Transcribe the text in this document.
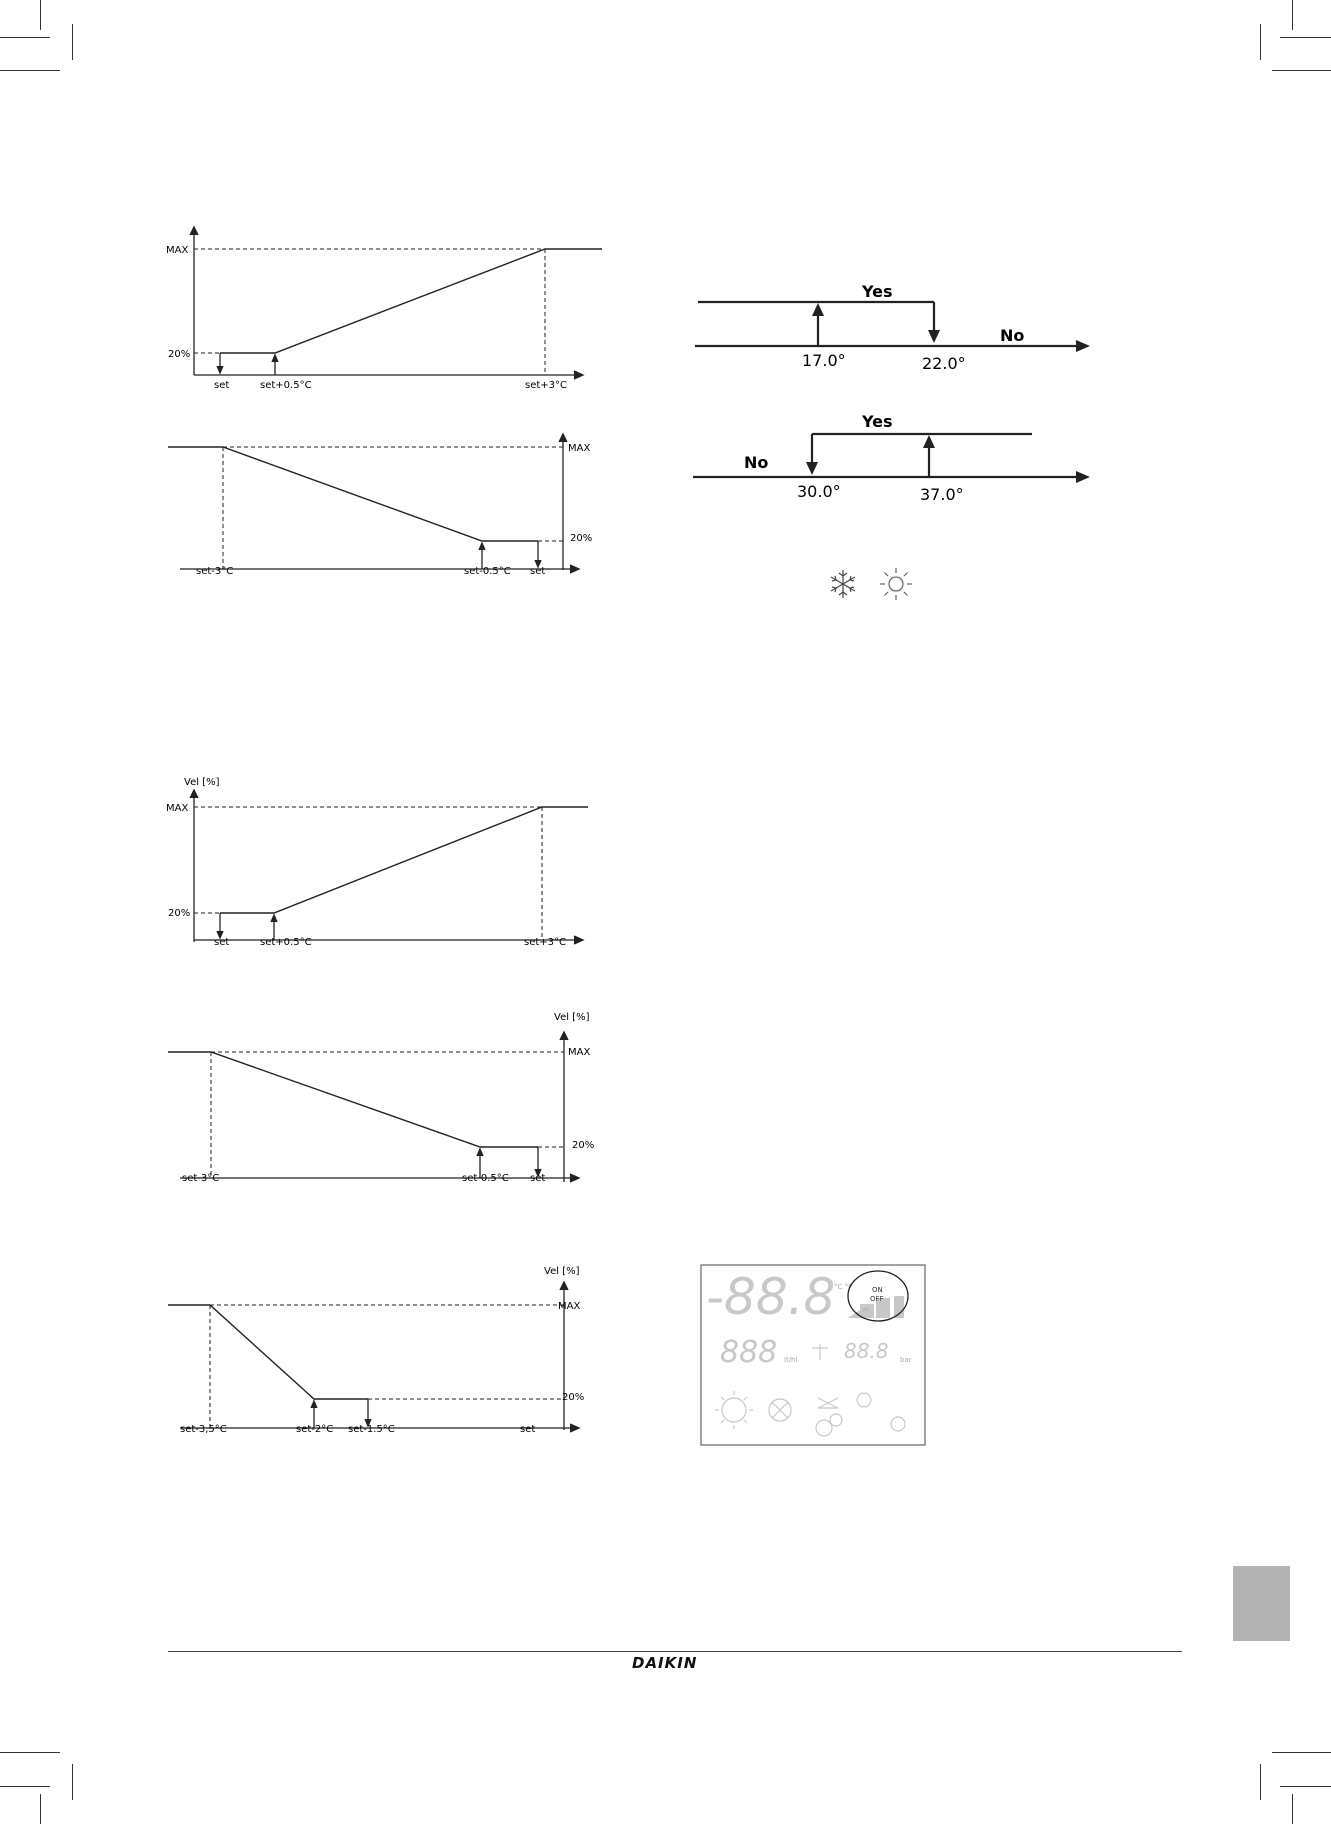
MAX
20%
set	set+0.5°C	set+3°C
MAX
20%
set-3°C	set-0.5°C set
Vel [%]
MAX
20%
set	set+0.5°C	set+3°C
Vel [%]
MAX
20%
set-3°C	set-0.5°C set
Vel [%]
MAX
20%
set-3,5°C	set-2°C set-1.5°C	set
Yes
No
17.0°	22.0°
Yes
No
30.0°	37.0°
-88.8
°C °F
888 lt/hl 88.8 bar
m
ON
OFF
DAIKIN
